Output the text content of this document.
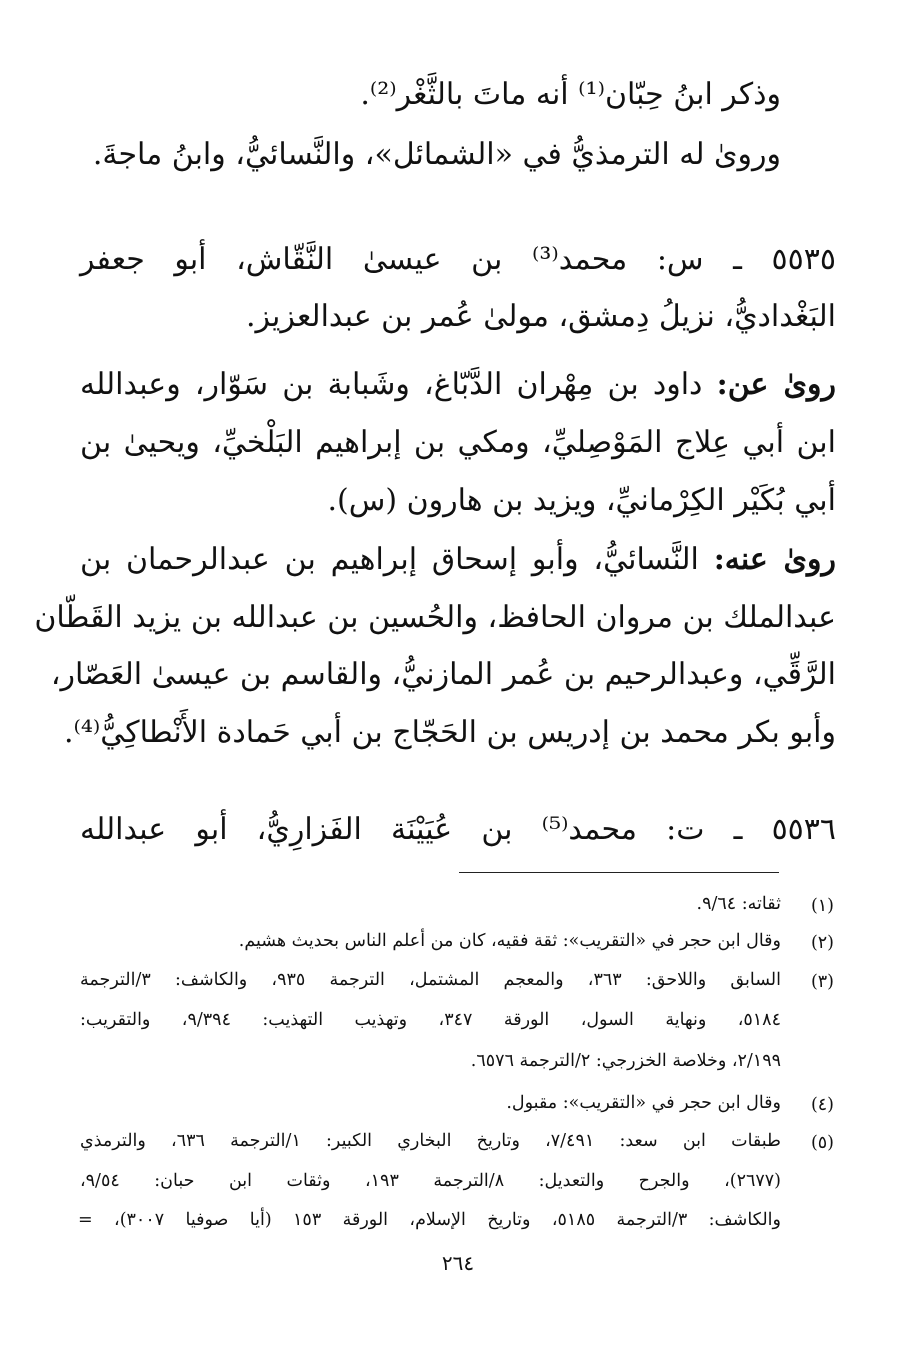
وذكر ابنُ حِبّان⁽¹⁾ أنه ماتَ بالثَّغْر⁽²⁾.
وروىٰ له الترمذيُّ في «الشمائل»، والنَّسائيُّ، وابنُ ماجةَ.
٥٥٣٥ ـ س: محمد⁽³⁾ بن عيسىٰ النَّقّاش، أبو جعفر
البَغْداديُّ، نزيلُ دِمشق، مولىٰ عُمر بن عبدالعزيز.
روىٰ عن: داود بن مِهْران الدَّبّاغ، وشَبابة بن سَوّار، وعبدالله
ابن أبي عِلاج المَوْصِليِّ، ومكي بن إبراهيم البَلْخيِّ، ويحيىٰ بن
أبي بُكَيْر الكِرْمانيِّ، ويزيد بن هارون (س).
روىٰ عنه: النَّسائيُّ، وأبو إسحاق إبراهيم بن عبدالرحمان بن
عبدالملك بن مروان الحافظ، والحُسين بن عبدالله بن يزيد القَطّان
الرَّقِّي، وعبدالرحيم بن عُمر المازنيُّ، والقاسم بن عيسىٰ العَصّار،
وأبو بكر محمد بن إدريس بن الحَجّاج بن أبي حَمادة الأَنْطاكِيُّ⁽⁴⁾.
٥٥٣٦ ـ ت: محمد⁽⁵⁾ بن عُيَيْنَة الفَزارِيُّ، أبو عبدالله
(١)
ثقاته: ٩/٦٤.
(٢)
وقال ابن حجر في «التقريب»: ثقة فقيه، كان من أعلم الناس بحديث هشيم.
(٣)
السابق واللاحق: ٣٦٣، والمعجم المشتمل، الترجمة ٩٣٥، والكاشف: ٣/الترجمة
٥١٨٤، ونهاية السول، الورقة ٣٤٧، وتهذيب التهذيب: ٩/٣٩٤، والتقريب:
٢/١٩٩، وخلاصة الخزرجي: ٢/الترجمة ٦٥٧٦.
(٤)
وقال ابن حجر في «التقريب»: مقبول.
(٥)
طبقات ابن سعد: ٧/٤٩١، وتاريخ البخاري الكبير: ١/الترجمة ٦٣٦، والترمذي
(٢٦٧٧)، والجرح والتعديل: ٨/الترجمة ١٩٣، وثقات ابن حبان: ٩/٥٤،
والكاشف: ٣/الترجمة ٥١٨٥، وتاريخ الإسلام، الورقة ١٥٣ (أيا صوفيا ٣٠٠٧)، =
٢٦٤
